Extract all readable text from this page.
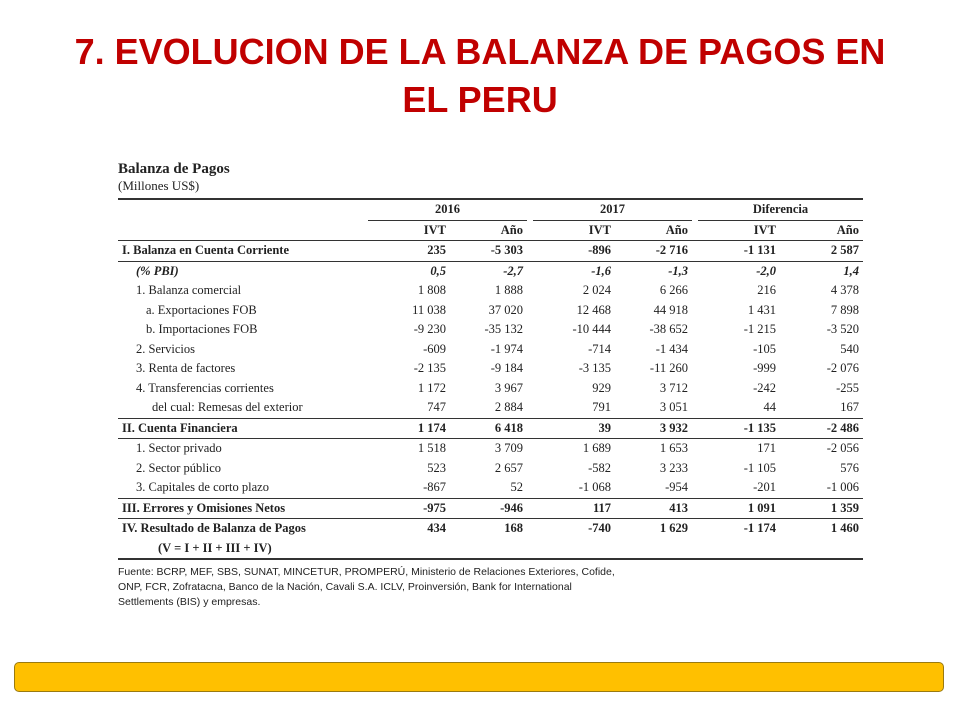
7. EVOLUCION DE LA BALANZA DE PAGOS EN
EL PERU
Balanza de Pagos
(Millones US$)
	2016			2017			Diferencia	
	IVT	Año		IVT	Año		IVT	Año
I. Balanza en Cuenta Corriente	235	-5 303		-896	-2 716		-1 131	2 587
(% PBI)	0,5	-2,7		-1,6	-1,3		-2,0	1,4
1. Balanza comercial	1 808	1 888		2 024	6 266		216	4 378
a. Exportaciones FOB	11 038	37 020		12 468	44 918		1 431	7 898
b. Importaciones FOB	-9 230	-35 132		-10 444	-38 652		-1 215	-3 520
2. Servicios	-609	-1 974		-714	-1 434		-105	540
3. Renta de factores	-2 135	-9 184		-3 135	-11 260		-999	-2 076
4. Transferencias corrientes	1 172	3 967		929	3 712		-242	-255
del cual: Remesas del exterior	747	2 884		791	3 051		44	167
II. Cuenta Financiera	1 174	6 418		39	3 932		-1 135	-2 486
1. Sector privado	1 518	3 709		1 689	1 653		171	-2 056
2. Sector público	523	2 657		-582	3 233		-1 105	576
3. Capitales de corto plazo	-867	52		-1 068	-954		-201	-1 006
III. Errores y Omisiones Netos	-975	-946		117	413		1 091	1 359
IV. Resultado de Balanza de Pagos	434	168		-740	1 629		-1 174	1 460
(V = I + II + III + IV)								
Fuente: BCRP, MEF, SBS, SUNAT, MINCETUR, PROMPERÚ, Ministerio de Relaciones Exteriores, Cofide,
ONP, FCR, Zofratacna, Banco de la Nación, Cavali S.A. ICLV, Proinversión, Bank for International
Settlements (BIS) y empresas.
